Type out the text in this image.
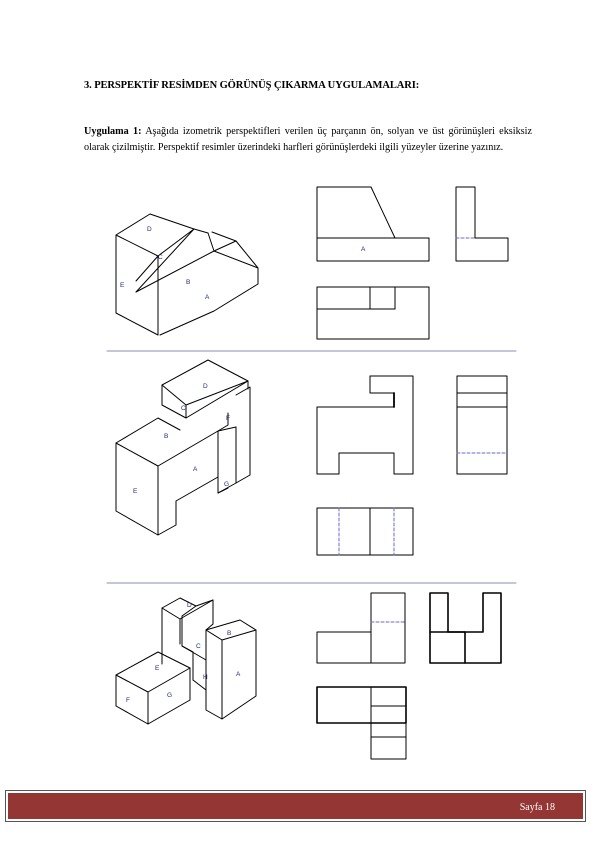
3. PERSPEKTİF RESİMDEN GÖRÜNÜŞ ÇIKARMA UYGULAMALARI:
Uygulama 1: Aşağıda izometrik perspektifleri verilen üç parçanın ön, solyan ve üst görünüşleri eksiksiz olarak çizilmiştir. Perspektif resimler üzerindeki harfleri görünüşlerdeki ilgili yüzeyler üzerine yazınız.
D
C
B
E
A
A
D
C
F
B
A
E
G
D
B
C
E
H	A
F
G
Sayfa 18
